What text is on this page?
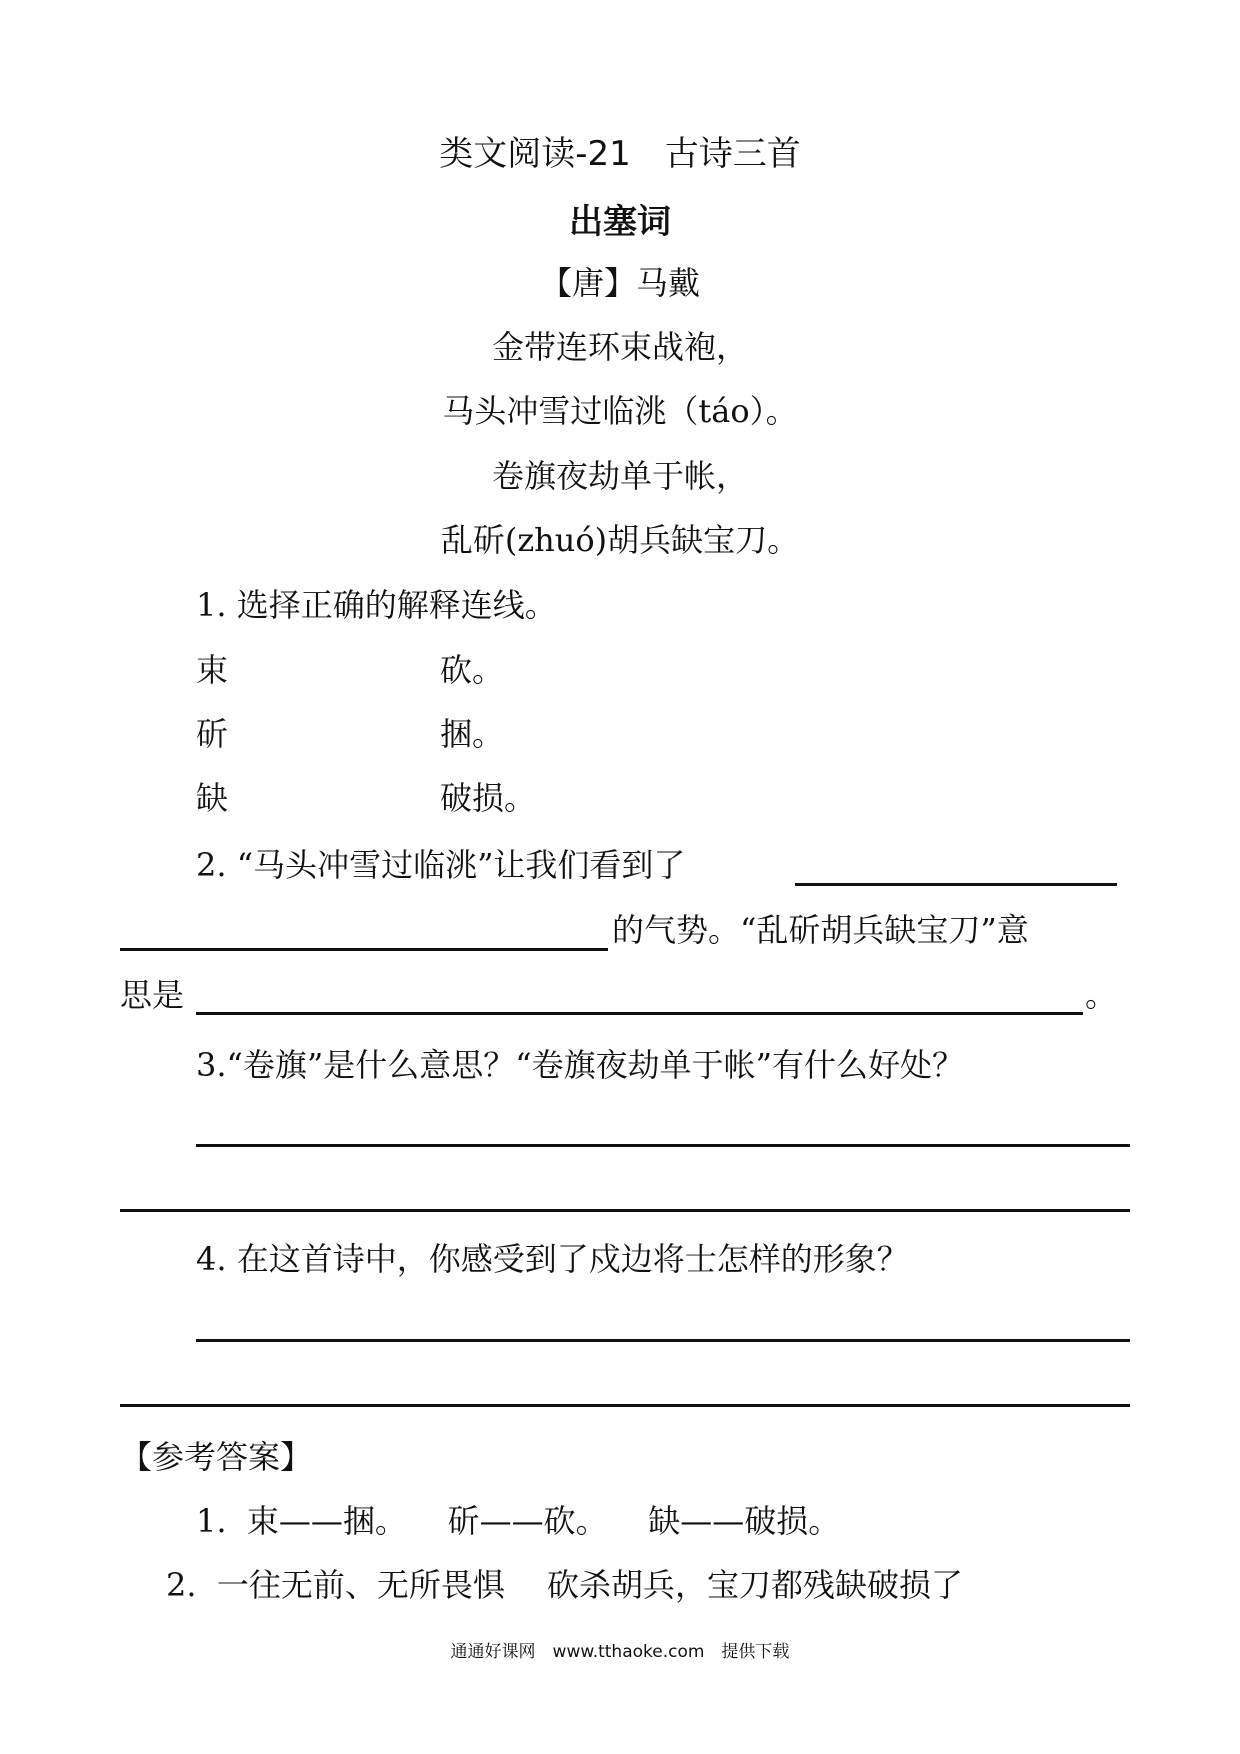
类文阅读-21　古诗三首
出塞词
【唐】马戴
金带连环束战袍，
马头冲雪过临洮（táo）。
卷旗夜劫单于帐，
乱斫(zhuó)胡兵缺宝刀。
1. 选择正确的解释连线。
束	砍。
斫	捆。
缺	破损。
2. “马头冲雪过临洮”让我们看到了
的气势。“乱斫胡兵缺宝刀”意
思是	。
3.“卷旗”是什么意思？“卷旗夜劫单于帐”有什么好处？
4. 在这首诗中，你感受到了戍边将士怎样的形象？
【参考答案】
1.  束——捆。    斫——砍。    缺——破损。
2.  一往无前、无所畏惧　 砍杀胡兵，宝刀都残缺破损了
通通好课网　www.tthaoke.com　提供下载
